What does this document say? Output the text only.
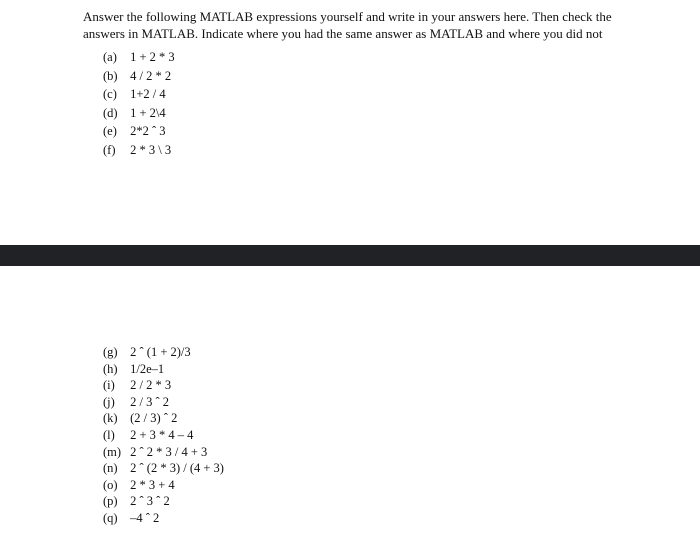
Answer the following MATLAB expressions yourself and write in your answers here. Then check the
answers in MATLAB. Indicate where you had the same answer as MATLAB and where you did not

(a) 1 + 2 * 3
(b) 4 / 2 * 2
(c) 1+2 / 4
(d) 1 + 2\4
(e) 2*2 ˆ 3
(f) 2 * 3 \ 3
(g) 2 ˆ (1 + 2)/3
(h) 1/2e–1
(i) 2 / 2 * 3
(j) 2 / 3 ˆ 2
(k) (2 / 3) ˆ 2
(l) 2 + 3 * 4 – 4
(m) 2 ˆ 2 * 3 / 4 + 3
(n) 2 ˆ (2 * 3) / (4 + 3)
(o) 2 * 3 + 4
(p) 2 ˆ 3 ˆ 2
(q) –4 ˆ 2
